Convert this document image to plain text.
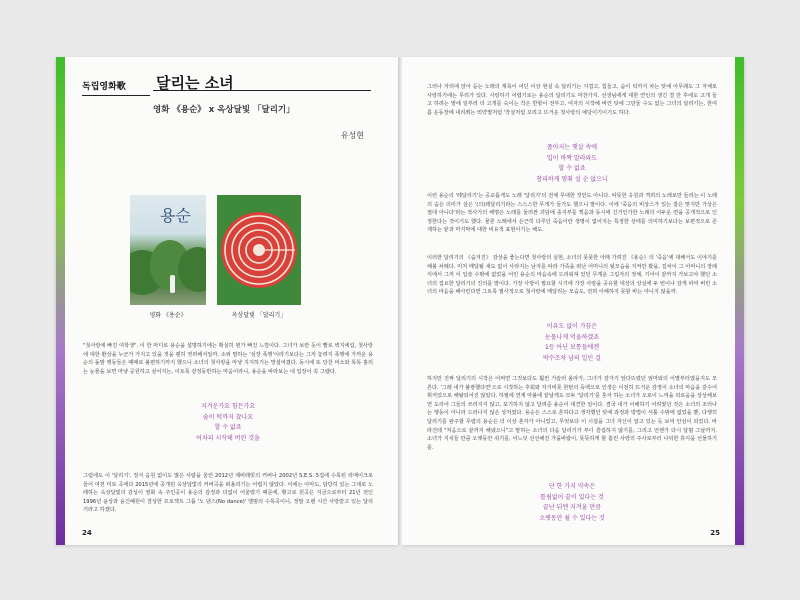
독립영화歌	달리는 소녀
영화 《용순》 x 옥상달빛 「달리기」
유성현
용순
영화 《용순》	옥상달빛 「달리기」
"첫사랑에 빠진 여학생". 이 한 마디로 용순을 설명하기에는 확실히 뭔가 빠진 느낌이다. 그녀가 보란 듯이 빨로 벽지에림, 첫사랑에 대한 환상을 누군가 가지고 있을 것을 괜히 엿려해서일까. 소위 말하는 '심장 폭행'이라기보다는 그저 놓려지 폭행에 가까운 용순의 돌발 행동들은 때때로 불편하기까지 했으니 소녀의 첫사랑을 마냥 지지하기는 망설여졌다. 동시에 또 당찬 비소와 똑똑 흘리는 눈물을 보면 마냥 공원하고 싶어지는, 이토록 감정동반하는 마음이라니, 용순을 바라보는 내 입장이 꼭 그랬다.
지겨운가요 힘든가요
숨이 턱까지 찼나요
할 수 없죠
어차피 시작해 버린 것을
그럼에도 이 '달리기', 정식 음원 없이도 많은 사람을 울린 2012년 제비래빗의 커버나 2002년 S.E.S. 5집에 수록된 리메이크로 들어 여전 미로 곡에다 2015년에 공개된 옥상달빛의 커버곡을 떠올리기는 어렵지 않았다. 이에는 아마도, 담당히 있는 그대로 노래하는 옥상달빛의 감성이 영화 속 주인공이 용순의 감정과 더없이 어울렸기 때문에, 황고로 원곡은 지금으로부터 21년 전인 1996년 윤상과 윤신혜원이 결성한 프로젝트 그룹 '노 댄스(No dance)' 앨범의 수록곡이니, 정말 오랜 시간 사랑받고 있는 달리기라고 하겠다.
24
그러나 자리에 앉아 듣는 노래의 제목이 어딘 이상 현실 속 달리기는 지겹고, 힘들고, 숨이 턱까지 차는 탓에 아무래도 그 자체로 사랑하기에는 무리가 있다. 사랑하기 어렵기로는 용순의 달리기도 마찬가지. 선생님에게 대한 연인의 생긴 결 만 후에도 고개 들고 하려는 말에 일부러 더 고개를 숙이는 작은 반항이 전부고, 여자의 시작해 버린 탓에 그만둘 수도 없는 그녀의 달리기는, 한여름 운동장에 내리쬐는 뙤약볕처럼 '작살처럼 꼬리고 뜨거운 첫사랑의 예당이기이기도 하다.
좁아지는 햇살 속에
입이 바짝 말라와도
할 수 없죠
창피하게 멈춰 설 순 없으니
이런 용순의 '레달리기'는 공교롭게도 노래 '달리기'의 전체 무대한 것만도 아니다. 따뜻한 응원과 격려의 노래로만 들리는 이 노래의 숨은 의미가 살은 '(의)레달리기라는 스스스한 무게가 들가도 했으니 말이다. 이에 '죽음의 비상스가 있는 잘은 맞지만 가상은 절대 아니다'라는 작사가의 해명은 노래를 둘러싼 괴담에 종지부를 찍음과 동시에 긴거인가한 노래의 어두운 면을 공개적으로 인정한다는 것이기도 했다. 물론 노래에서 은근히 다루던 죽음이란 생명이 없어지는 특정한 상태를 의미하기보다는 보편적으로 존재하는 끝과 마지막에 대한 비유적 표현이기는 해도.
이러한 달리기의 《숨겨진》 감상을 좋는다면 첫사랑의 실현, 소녀의 풋풋한 아래 가려진 《용순》의 '죽음'에 대해서도 이야기를 해볼 차례다. 미처 매달될 새도 없이 사라지는 남자를 따라 가족을 떠난 어머니의 뒷모습을 지켜만 봤을, 집차이 그 어머니의 장례식에서 그저 이 입술 수밖에 없었을 어린 용순의 마음속에 드리워져 있던 무게운 그림자의 정체, 기어이 끝까지 가보고야 했던 소녀의 집요한 달리기의 진의를 말이다. 가장 사랑이 필요할 시기에 가장 사랑을 공유할 대상의 상실에 두 번이나 감게 파여 버린 소녀의 마음을 해아린다면 그토록 필사적으로 첫사랑에 매달리는 모습도, 전혀 이해하지 못할 바는 아니지 않을까.
이유도 없이 가끔은
눈물나게 억울하겠죠
1등 아닌 보통들에겐
박수조차 남의 일인 걸
하지만 진짜 달리기의 시작은 어쩌면 그것보다도 훨씬 거슬러 올라가, 그녀가 감가기 앞다뜨렸던 엄마와의 이별부터였을지도 모른다. '그래 내가 불쌍했다면'으로 시작하는 후회와 자기비롯 한탄의 독백으로 인생은 이전히 뜨거운 감정이 소녀의 마음을 갈수어 휘저었으로 해탈되어진 않았다. 하필에 연계 마불에 끝날게도 모두 '달리기'를 혼자 하는 소녀가 오로이 느껴을 외로움을 상상해보면 도리어 그들의 쓰러지지 않고, 포기하지 않고 달려준 용순이 대견한 일이다. 결국 내가 이해하기 어려웠던 것은 소녀의 조러나는 행동이 아니라 드러나지 않은 상처였다. 용순은 스스로 흔하다고 생각했던 탓에 과정과 방법이 서툴 수밖에 없었을 뿐, 다행히 달리기를 완주할 무렵의 용순은 더 이상 혼자가 아니었고, 무엇보다 이 시설을 그녀 자신이 알고 있는 듯 보여 안심이 되었다. 바라건데 "처음으로 끝까지 해냈으니"고 말하는 소녀의 다음 달리기가 부디 즐겁하지 않기를, 그리고 언젠가 다시 달릴 그날까지, 소녀가 지치들 만큼 오랫동안 쉬기를, 어느덧 선선해진 가을바람이, 뜻뜻하게 할 흠린 사랑의 주사로부터 나뒤한 휴식을 선물하기를.
단 한 가지 약속은
틀림없이 끝이 있다는 것
끝난 뒤엔 지겨울 만큼
오랫동안 쉴 수 있다는 것
25
